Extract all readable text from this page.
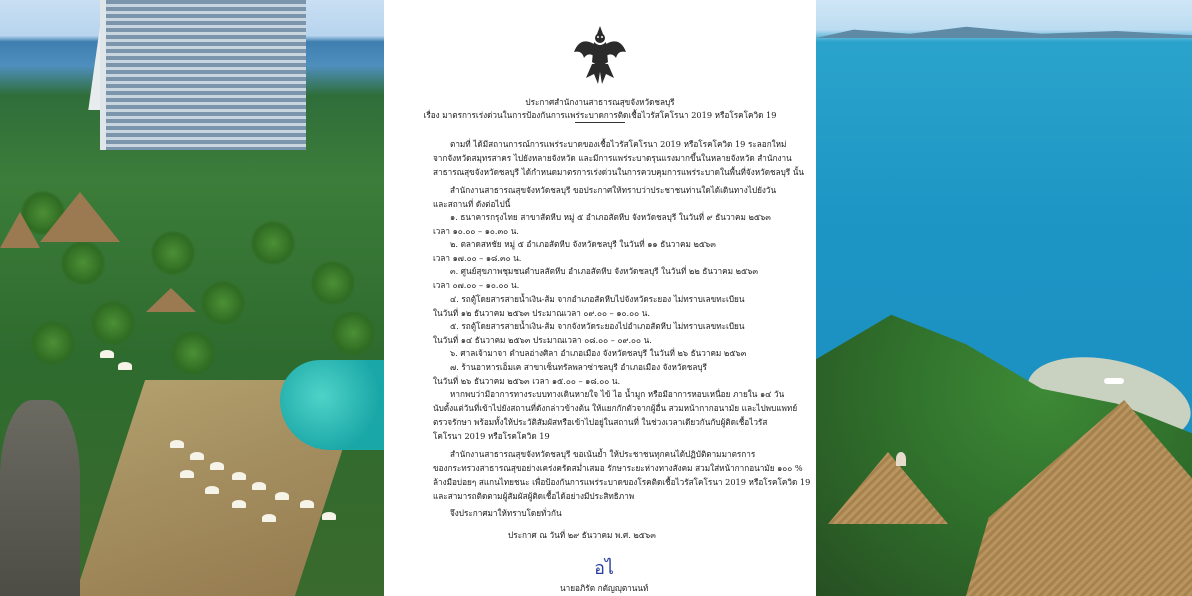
ประกาศสำนักงานสาธารณสุขจังหวัดชลบุรี
เรื่อง มาตรการเร่งด่วนในการป้องกันการแพร่ระบาดการติดเชื้อไวรัสโคโรนา 2019 หรือโรคโควิด 19
ตามที่ ได้มีสถานการณ์การแพร่ระบาดของเชื้อไวรัสโคโรนา 2019 หรือโรคโควิด 19 ระลอกใหม่
จากจังหวัดสมุทรสาคร ไปยังหลายจังหวัด และมีการแพร่ระบาดรุนแรงมากขึ้นในหลายจังหวัด สำนักงาน
สาธารณสุขจังหวัดชลบุรี ได้กำหนดมาตรการเร่งด่วนในการควบคุมการแพร่ระบาดในพื้นที่จังหวัดชลบุรี นั้น
สำนักงานสาธารณสุขจังหวัดชลบุรี ขอประกาศให้ทราบว่าประชาชนท่านใดได้เดินทางไปยังวัน
และสถานที่ ดังต่อไปนี้
๑. ธนาคารกรุงไทย สาขาสัตหีบ หมู่ ๕ อำเภอสัตหีบ จังหวัดชลบุรี ในวันที่ ๙ ธันวาคม ๒๕๖๓
เวลา ๑๐.๐๐ – ๑๐.๓๐ น.
๒. ตลาดสหชัย หมู่ ๕ อำเภอสัตหีบ จังหวัดชลบุรี ในวันที่ ๑๑ ธันวาคม ๒๕๖๓
เวลา ๑๗.๐๐ – ๑๘.๓๐ น.
๓. ศูนย์สุขภาพชุมชนตำบลสัตหีบ อำเภอสัตหีบ จังหวัดชลบุรี ในวันที่ ๒๒ ธันวาคม ๒๕๖๓
เวลา ๐๗.๐๐ – ๑๐.๐๐ น.
๔. รถตู้โดยสารสายน้ำเงิน-ส้ม จากอำเภอสัตหีบไปจังหวัดระยอง ไม่ทราบเลขทะเบียน
ในวันที่ ๑๒ ธันวาคม ๒๕๖๓ ประมาณเวลา ๐๙.๐๐ – ๑๐.๐๐ น.
๕. รถตู้โดยสารสายน้ำเงิน-ส้ม จากจังหวัดระยองไปอำเภอสัตหีบ ไม่ทราบเลขทะเบียน
ในวันที่ ๑๔ ธันวาคม ๒๕๖๓ ประมาณเวลา ๐๘.๐๐ – ๐๙.๐๐ น.
๖. ศาลเจ้ามาจา ตำบลอ่างศิลา อำเภอเมือง จังหวัดชลบุรี ในวันที่ ๒๖ ธันวาคม ๒๕๖๓
๗. ร้านอาหารเอ็มเค สาขาเซ็นทรัลพลาซ่าชลบุรี อำเภอเมือง จังหวัดชลบุรี
ในวันที่ ๒๖ ธันวาคม ๒๕๖๓ เวลา ๑๕.๐๐ – ๑๘.๐๐ น.
หากพบว่ามีอาการทางระบบทางเดินหายใจ ไข้ ไอ น้ำมูก หรือมีอาการหอบเหนื่อย ภายใน ๑๔ วัน
นับตั้งแต่วันที่เข้าไปยังสถานที่ดังกล่าวข้างต้น ให้แยกกักตัวจากผู้อื่น สวมหน้ากากอนามัย และไปพบแพทย์
ตรวจรักษา พร้อมทั้งให้ประวัติสัมผัสหรือเข้าไปอยู่ในสถานที่ ในช่วงเวลาเดียวกันกับผู้ติดเชื้อไวรัส
โคโรนา 2019 หรือโรคโควิด 19
สำนักงานสาธารณสุขจังหวัดชลบุรี ขอเน้นย้ำ ให้ประชาชนทุกคนได้ปฏิบัติตามมาตรการ
ของกระทรวงสาธารณสุขอย่างเคร่งครัดสม่ำเสมอ รักษาระยะห่างทางสังคม สวมใส่หน้ากากอนามัย ๑๐๐ %
ล้างมือบ่อยๆ สแกนไทยชนะ เพื่อป้องกันการแพร่ระบาดของโรคติดเชื้อไวรัสโคโรนา 2019 หรือโรคโควิด 19
และสามารถติดตามผู้สัมผัสผู้ติดเชื้อได้อย่างมีประสิทธิภาพ
จึงประกาศมาให้ทราบโดยทั่วกัน
ประกาศ ณ วันที่ ๒๙ ธันวาคม พ.ศ. ๒๕๖๓
อไ
นายอภิรัต กตัญญุตานนท์
